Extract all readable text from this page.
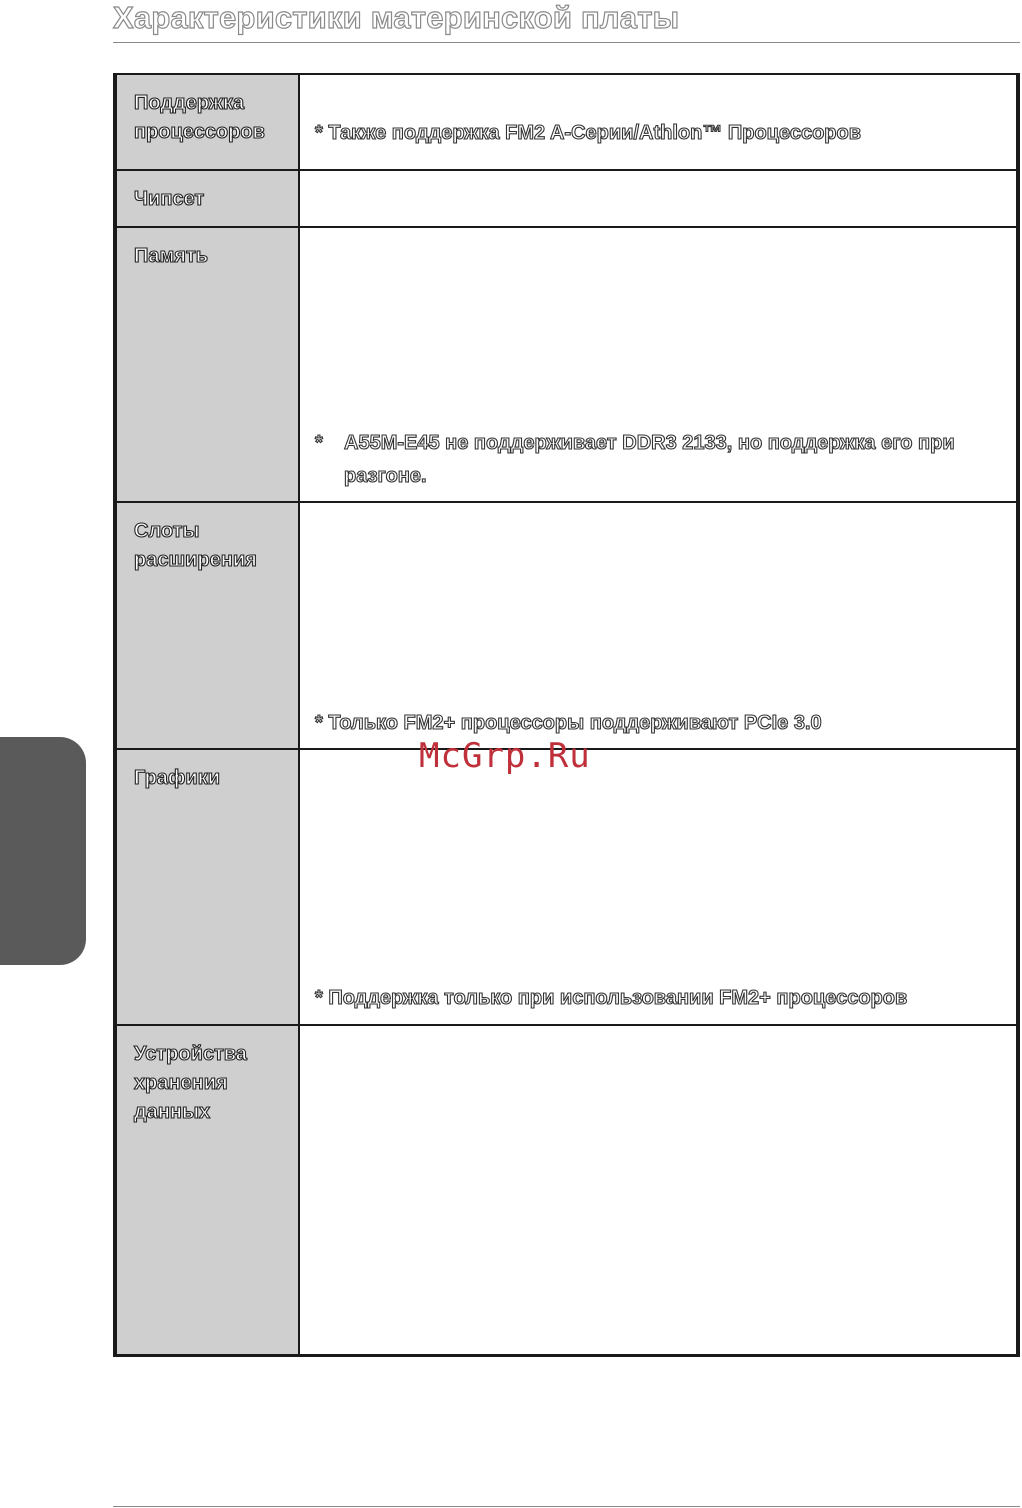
Характеристики материнской платы
Поддержка
процессоров	* Также поддержка FM2 A-Серии/Athlon™ Процессоров

Чипсет	

Память	* A55M-E45 не поддерживает DDR3 2133, но поддержка его при разгоне.

Слоты
расширения	* Только FM2+ процессоры поддерживают PCIe 3.0

Графики	* Поддержка только при использовании FM2+ процессоров

Устройства
хранения
данных	

McGrp.Ru
